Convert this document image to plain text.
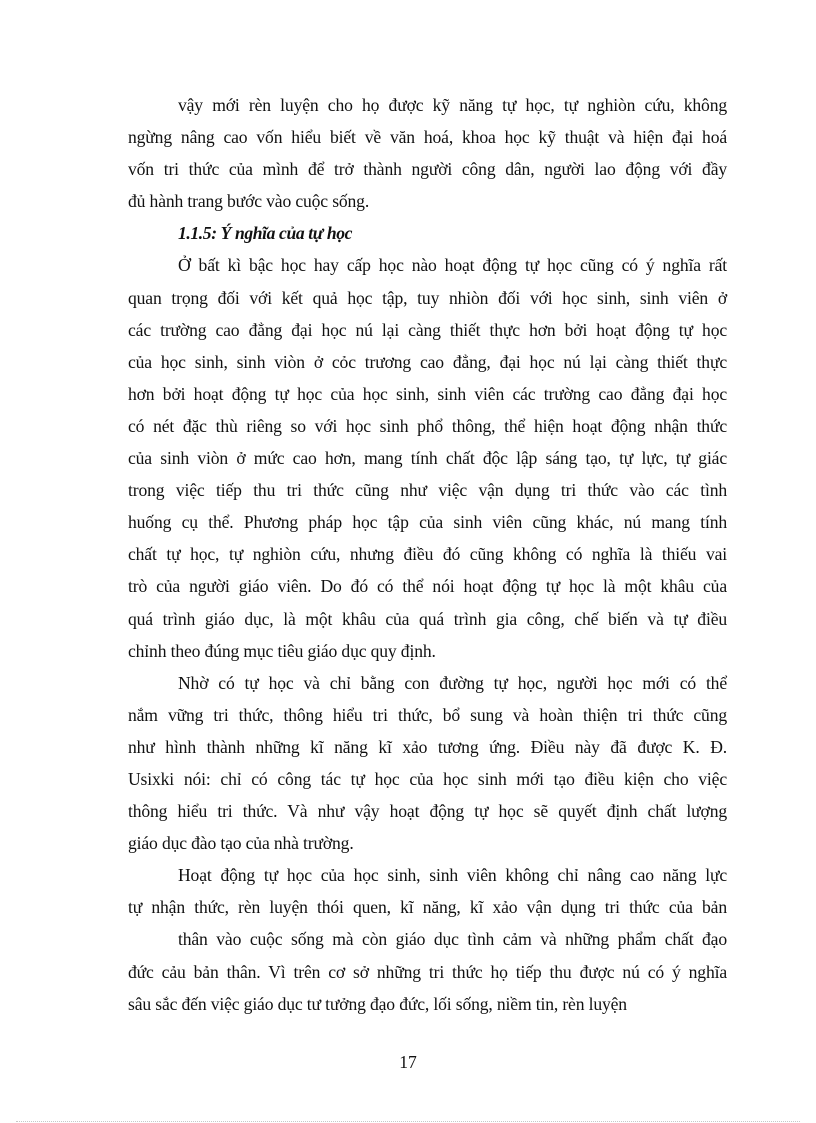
vậy mới rèn luyện cho họ được kỹ năng tự học, tự nghiòn cứu, không
ngừng nâng cao vốn hiểu biết về văn hoá, khoa học kỹ thuật và hiện đại hoá
vốn tri thức của mình để trở thành người công dân, người lao động với đầy
đủ hành trang bước vào cuộc sống.
1.1.5: Ý nghĩa của tự học
Ở bất kì bậc học hay cấp học nào hoạt động tự học cũng có ý nghĩa rất
quan trọng đối với kết quả học tập, tuy nhiòn đối với học sinh, sinh viên ở
các trường cao đẳng đại học nú lại càng thiết thực hơn bởi hoạt động tự học
của học sinh, sinh viòn ở cỏc trương cao đẳng, đại học nú lại càng thiết thực
hơn bởi hoạt động tự học của học sinh, sinh viên các trường cao đẳng đại học
có nét đặc thù riêng so với học sinh phổ thông, thể hiện hoạt động nhận thức
của sinh viòn ở mức cao hơn, mang tính chất độc lập sáng tạo, tự lực, tự giác
trong việc tiếp thu tri thức cũng như việc vận dụng tri thức vào các tình
huống cụ thể. Phương pháp học tập của sinh viên cũng khác, nú mang tính
chất tự học, tự nghiòn cứu, nhưng điều đó cũng không có nghĩa là thiếu vai
trò của người giáo viên. Do đó có thể nói hoạt động tự học là một khâu của
quá trình giáo dục, là một khâu của quá trình gia công, chế biến và tự điều
chỉnh theo đúng mục tiêu giáo dục quy định.
Nhờ có tự học và chỉ bằng con đường tự học, người học mới có thể
nắm vững tri thức, thông hiểu tri thức, bổ sung và hoàn thiện tri thức cũng
như hình thành những kĩ năng kĩ xảo tương ứng. Điều này đã được K. Đ.
Usixki nói: chỉ có công tác tự học của học sinh mới tạo điều kiện cho việc
thông hiểu tri thức. Và như vậy hoạt động tự học sẽ quyết định chất lượng
giáo dục đào tạo của nhà trường.
Hoạt động tự học của học sinh, sinh viên không chỉ nâng cao năng lực
tự nhận thức, rèn luyện thói quen, kĩ năng, kĩ xảo vận dụng tri thức của bản
thân vào cuộc sống mà còn giáo dục tình cảm và những phẩm chất đạo
đức cảu bản thân. Vì trên cơ sở những tri thức họ tiếp thu được nú có ý nghĩa
sâu sắc đến việc giáo dục tư tưởng đạo đức, lối sống, niềm tin, rèn luyện
17
